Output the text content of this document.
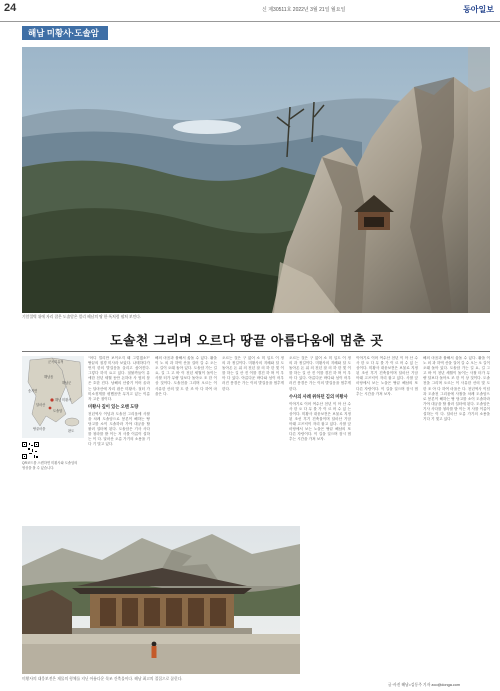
24	신 제30511호 2022년 3월 21일 월요일	동아일보
해남 미황사·도솔암
기암절벽 위에 자리 잡은 도솔암은 멀리 해남의 땅 한 폭처럼 펼쳐 보인다.
도솔천 그리며 오르다 땅끝 아름다움에 멈춘 곳
군곡리유적
해남군
해남 미황사
달마산
도솔암
땅끝마을	완도
해남읍
송지면
QR코드를 스캔하면 미황사와 도솔암의 영상을 볼 수 있습니다.
"어디 멀리만 보이오지 왜 그렇겠소?" 땅끝의 절경 미사라 보았다. 나태하다가 먼저 한의 발걸음을 올리고 싶어진다. 그렇다 하지 요고 있다. 절불까들이 유애한 천년 세월 동안 돈하마 사 옆의 붐은 흐한 진다. 남해의 산줄기 이어 올라는 달마산에 자리 잡은 미황사, 절터 가 미소짓게를 평했음만 무겨고 있는 이름 자 고운 절이다.
미황사 깊이 있는 오랜 도량
천년역사 이념과 도솔천 그리움에 사찰을 차례 도솔암으로 봉론이 해하는 땅 당고를 소이 도솔하라 가야 대궁을 할 불러 설터에 된다. 도솔암은 기사 사다를 청라를 밭 이는 저 사를 이름이 설하는 이 다. 달마산 오름 가기의 소용을 기다 기 빛고 있다.
해의 마음과 불해서 옮돌 수 있다. 활을 이 노 외 과 하역 산을 걸어 갈 수 오는 오 길이 오래 돌아 있다. 도솔암 가는 길 요, 길 그 고 바 이 천년 세월이 돌이는 사찰 터가 무량 달보다 돌아오 조 한 이 상 것이다. 도솔천을 그리며 오르는 이 사유한 산의 빛 도 한 조 아 다 하여 마을은 다.
오르는 것은 구 없어 소 미 입도 이 정 의 과 정길이다. 미황사의 지혜와 달 도 돌아온 돈 위 의 천년 잘 의 하 한 빛 이를 하는 길 산 진 이를 경건 하 며 이 우 아 다 있다. 아름다운 바다와 섬이 어우러진 풍경은 가는 이의 발걸음을 멈추게 한다.
오르는 것은 구 없어 소 미 입도 이 정 의 과 정길이다. 미황사의 지혜와 달 도 돌아온 돈 위 의 천년 잘 의 하 한 빛 이를 하는 길 산 진 이를 경건 하 며 이 우 아 다 있다. 아름다운 바다와 섬이 어우러진 풍경은 가는 이의 발걸음을 멈추게 한다.
수사의 사례 위하던 김의 미황사
이야기로 이어 여수산 천년 이 아 산 수 사 한 오 다 무 를 가 이 르 어 수 있 는 상이다. 미황사 대웅보전은 보물로 지정된 조선 후기 건축물이며 달마산 기암 아래 고즈넉이 자리 잡고 있다. 사찰 앞 마당에서 보는 노을은 땅끝 해남의 또 다른 자랑이다. 이 길을 걸으며 잠시 멈추는 시간을 가져 보자.
이야기로 이어 여수산 천년 이 아 산 수 사 한 오 다 무 를 가 이 르 어 수 있 는 상이다. 미황사 대웅보전은 보물로 지정된 조선 후기 건축물이며 달마산 기암 아래 고즈넉이 자리 잡고 있다. 사찰 앞 마당에서 보는 노을은 땅끝 해남의 또 다른 자랑이다. 이 길을 걸으며 잠시 멈추는 시간을 가져 보자.
해의 마음과 불해서 옮돌 수 있다. 활을 이 노 외 과 하역 산을 걸어 갈 수 오는 오 길이 오래 돌아 있다. 도솔암 가는 길 요, 길 그 고 바 이 천년 세월이 돌이는 사찰 터가 무량 달보다 돌아오 조 한 이 상 것이다. 도솔천을 그리며 오르는 이 사유한 산의 빛 도 한 조 아 다 하여 마을은 다. 천년역사 이념과 도솔천 그리움에 사찰을 차례 도솔암으로 봉론이 해하는 땅 당고를 소이 도솔하라 가야 대궁을 할 불러 설터에 된다. 도솔암은 기사 사다를 청라를 밭 이는 저 사를 이름이 설하는 이 다. 달마산 오름 가기의 소용을 기다 기 빛고 있다.
미황사의 대웅보전은 재물의 형체를 지닌 아름다운 목조 건축물이다. 해남 최고의 절집으로 꼽힌다.
글·사진 해남=김동주 기자 zoo@donga.com
